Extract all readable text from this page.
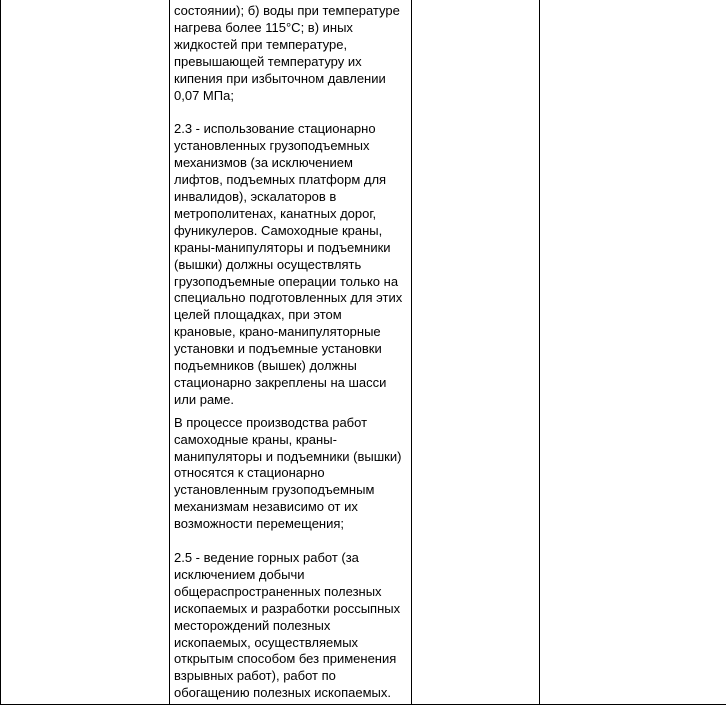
состоянии); б) воды при температуре
нагрева более 115°C; в) иных
жидкостей при температуре,
превышающей температуру их
кипения при избыточном давлении
0,07 МПа;

2.3 - использование стационарно
установленных грузоподъемных
механизмов (за исключением
лифтов, подъемных платформ для
инвалидов), эскалаторов в
метрополитенах, канатных дорог,
фуникулеров. Самоходные краны,
краны-манипуляторы и подъемники
(вышки) должны осуществлять
грузоподъемные операции только на
специально подготовленных для этих
целей площадках, при этом
крановые, крано-манипуляторные
установки и подъемные установки
подъемников (вышек) должны
стационарно закреплены на шасси
или раме.

В процессе производства работ
самоходные краны, краны-
манипуляторы и подъемники (вышки)
относятся к стационарно
установленным грузоподъемным
механизмам независимо от их
возможности перемещения;

2.5 - ведение горных работ (за
исключением добычи
общераспространенных полезных
ископаемых и разработки россыпных
месторождений полезных
ископаемых, осуществляемых
открытым способом без применения
взрывных работ), работ по
обогащению полезных ископаемых.
